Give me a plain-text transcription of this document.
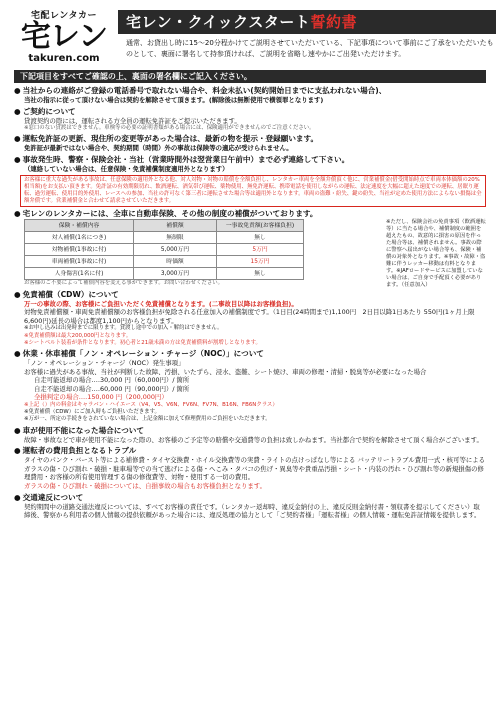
宅配レンタカー
宅レン
takuren.com
宅レン・クイックスタート誓約書
通常、お貸出し時に15〜20分程かけてご説明させていただいている、下記事項について事前にご了承をいただいたものとして、裏面に署名して持参頂ければ、ご説明を省略し速やかにご出発いただけます。
下記項目をすべてご確認の上、裏面の署名欄にご記入ください。
● 当社からの連絡がご登録の電話番号で取れない場合や、料金未払い(契約開始日までに支払われない場合)、
当社の指示に従って頂けない場合は契約を解除させて頂きます。(解除後は無断使用で横領罪となります)
● ご契約について
貸渡契約の際には、運転される方全員の運転免許証をご提示いただきます。
※窓口のない貸渡はできません。車検等の必要の証明書類がある場合には、保険適用ができませんのでご注意ください。
● 運転免許証の更新、現住所の変更等があった場合は、最新の物を提示・登録願います。
免許証が最新ではない場合や、契約期間（時間）外の事故は保険等の適応が受けられません。
● 事故発生時、警察・保険会社・当社（営業時間外は翌営業日午前中）まで必ず連絡して下さい。
（連絡していない場合は、任意保険・免責補償制度適用外となります）
お客様に重大な過失がある事故は、任意保険の適用外となる他、対人対物・対物の賠償を全額負担し、レンタカー車両を全額弁償頂く他に、営業補償金(借受開始時点で車両本体価額の20%相当額)をお支払い頂きます。免許証の有効期限切れ、飲酒運転、酒気帯び運転、薬物使用、無免許運転、携帯電話を使用しながらの運転、法定速度を大幅に超えた速度での運転、居眠り運転、過労運転、使用目的外使用、レースへの参加、当社の許可なく第三者に運転させた場合等は適用外となります。車両の盗難・紛失、鍵の紛失、当社が定めた使用方法によらない損傷は全額弁償です。営業補償金と合わせて請求させていただきます。
● 宅レンのレンタカーには、全車に自動車保険、その他の制度の補償がついております。
保険・補償内容	補償額	一事故免責額(お客様負担)
対人補償(1名につき)	無制限	無し
対物補償(1事故に付)	5,000万円	5万円
車両補償(1事故に付)	時価額	15万円
人身傷害(1名に付)	3,000万円	無し
※ただし、保険会社の免責事項（飲酒運転等）に当たる場合や、補償制度の範囲を超えたもの、故意的に損害の原因を作った場合等は、補償されません。事故の際に警察へ届出がない場合等も、保険・補償の対象外となります。※事故・故障・盗難に伴うレッカー移動は有料となります。※JAFロードサービスに加盟していない場合は、ご自身で手配頂く必要があります。（任意加入）
お客様のご不要によって補償内容を変える事ができます。お問い合わせください。
● 免責補償（CDW）について
万一の事故の際、お客様にご負担いただく免責補償となります。(二事故目以降はお客様負担)。
対物免責補償額・車両免責補償額のお客様負担が免除される任意加入の補償制度です。（1日目(24時間まで)1,100円　2日目以降1日あたり 550円(1ヶ月上限6,600円)延長の場合は都度1,100円からとなります。
※お申し込みは出発時までに限ります。貸渡し途中での加入・解約はできません。
※免責補償額は最大200,000円となります。
※シートベルト装着が条件となります。初心者と21歳未満の方は免責補償料が割増しとなります。
● 休業・休車補償「ノン・オペレーション・チャージ（NOC）」について
「ノン・オペレーション・チャージ（NOC）発生事項」
お客様に過失がある事故、当社が判断した故障、汚損、いたずら、浸水、盗難、シート焼け、車両の修理・清掃・脱臭等が必要になった場合
自走可能返却の場合‥‥30,000 円（60,000円）/ 箇所
自走不能返却の場合‥‥60,000 円（90,000円）/ 箇所
全損判定の場合‥‥150,000 円（200,000円）
※上記（）内の料金はキャラバン・ハイエース（V4、V5、V6N、FV6N、FV7N、B16N、FB6Nクラス）
※免責補償（CDW）にご加入時もご負担いただきます。
※万が一、所定の手続きをされていない場合は、上記金額に加えて修理費用のご負担をいただきます。
● 車が使用不能になった場合について
故障・事故などで車が使用不能になった際の、お客様のご予定等の賠償や交通費等の負担は致しかねます。当社都合で契約を解除させて頂く場合がございます。
● 運転者の費用負担となるトラブル
タイヤのパンク・バースト等による補修費・タイヤ交換費・ホイル交換費等の実費・ライトの点けっぱなし等による バッテリートラブル費用一式・核可等によるガラスの傷・ひび割れ・破損・駐車場等での当て逃げによる傷・へこみ・タバコの焦げ・異臭等や貴重品汚損・シート・内装の汚れ・ひび割れ等の新規損傷の修理費用・お客様の所有使用管理する傷の修復費等、対物・使用する一切の費用。
ガラスの傷・ひび割れ・破損については、自損事故の場合もお客様負担となります。
● 交通違反について
契約期間中の道路交通法違反については、すべてお客様の責任です。（レンタカー返却時、違反金納付の上、違反反則金納付書・領収書を提示してください）取締後、警察から利用者の個人情報の提供依頼があった場合には、違反処理の協力として「ご契約者様」「運転者様」の個人情報・運転免許証情報を提供します。
